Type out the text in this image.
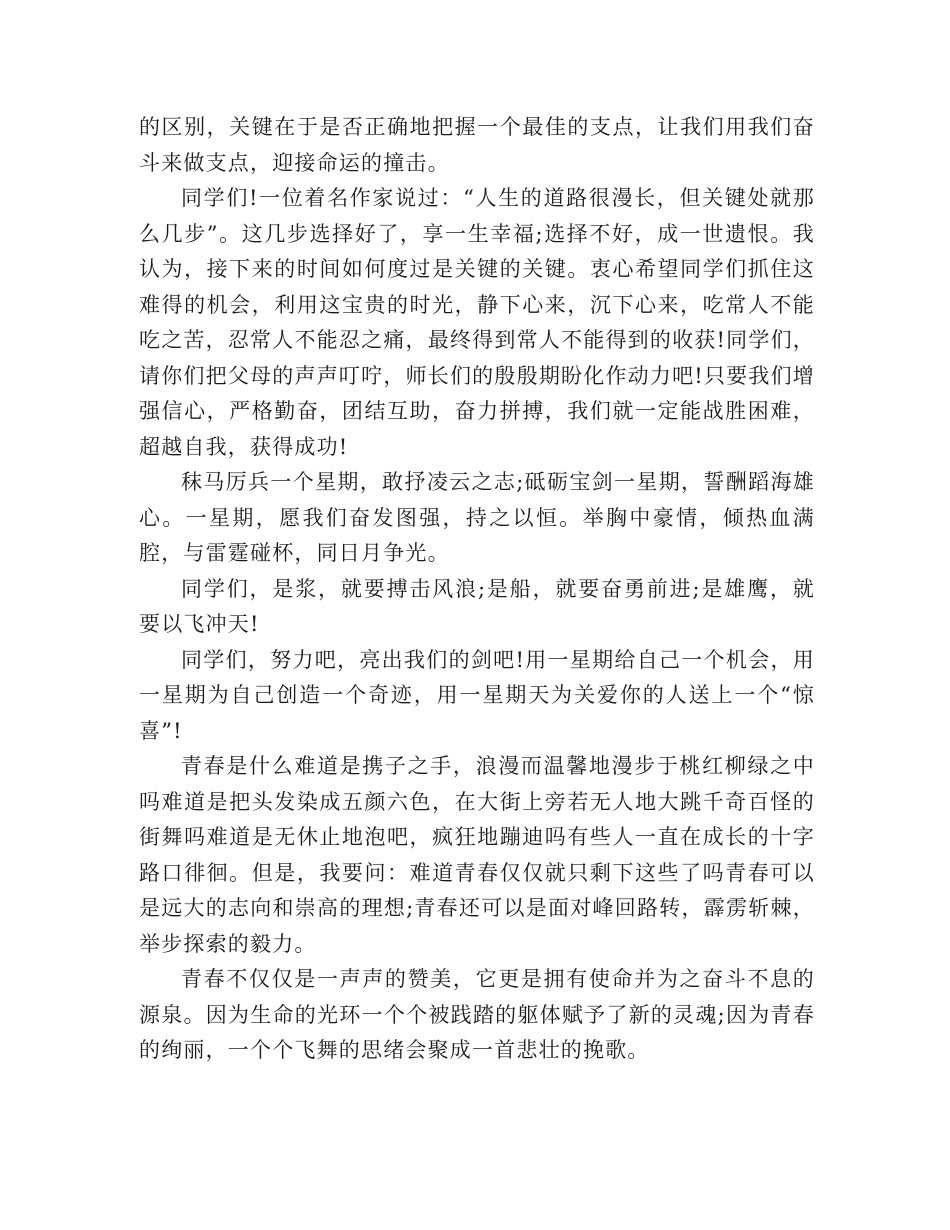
的区别，关键在于是否正确地把握一个最佳的支点，让我们用我们奋斗来做支点，迎接命运的撞击。

同学们!一位着名作家说过：“人生的道路很漫长，但关键处就那么几步”。这几步选择好了，享一生幸福;选择不好，成一世遗恨。我认为，接下来的时间如何度过是关键的关键。衷心希望同学们抓住这难得的机会，利用这宝贵的时光，静下心来，沉下心来，吃常人不能吃之苦，忍常人不能忍之痛，最终得到常人不能得到的收获!同学们，请你们把父母的声声叮咛，师长们的殷殷期盼化作动力吧!只要我们增强信心，严格勤奋，团结互助，奋力拼搏，我们就一定能战胜困难，超越自我，获得成功!

秣马厉兵一个星期，敢抒凌云之志;砥砺宝剑一星期，誓酬蹈海雄心。一星期，愿我们奋发图强，持之以恒。举胸中豪情，倾热血满腔，与雷霆碰杯，同日月争光。

同学们，是浆，就要搏击风浪;是船，就要奋勇前进;是雄鹰，就要以飞冲天!

同学们，努力吧，亮出我们的剑吧!用一星期给自己一个机会，用一星期为自己创造一个奇迹，用一星期天为关爱你的人送上一个“惊喜”!

青春是什么难道是携子之手，浪漫而温馨地漫步于桃红柳绿之中吗难道是把头发染成五颜六色，在大街上旁若无人地大跳千奇百怪的街舞吗难道是无休止地泡吧，疯狂地蹦迪吗有些人一直在成长的十字路口徘徊。但是，我要问：难道青春仅仅就只剩下这些了吗青春可以是远大的志向和崇高的理想;青春还可以是面对峰回路转，霹雳斩棘，举步探索的毅力。

青春不仅仅是一声声的赞美，它更是拥有使命并为之奋斗不息的源泉。因为生命的光环一个个被践踏的躯体赋予了新的灵魂;因为青春的绚丽，一个个飞舞的思绪会聚成一首悲壮的挽歌。
